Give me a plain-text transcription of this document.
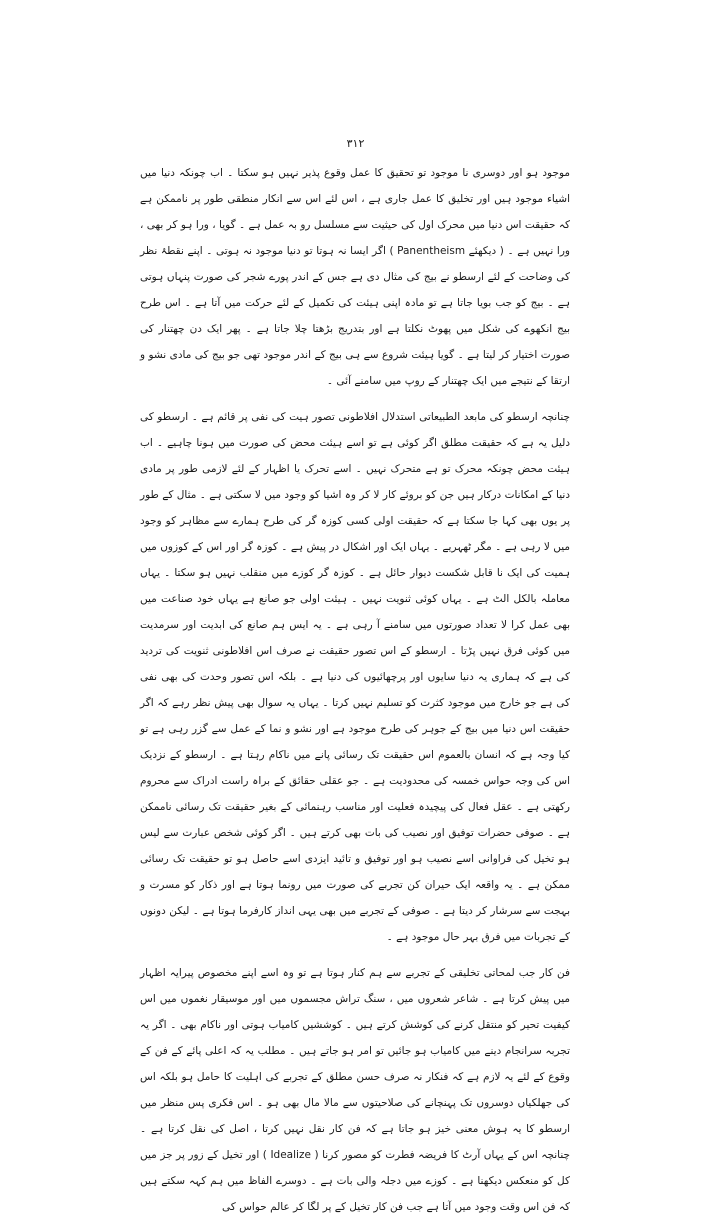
۳۱۲

موجود ہو اور دوسری نا موجود تو تحقیق کا عمل وقوع پذیر نہیں ہو سکتا ۔ اب چونکہ دنیا میں اشیاء موجود ہیں اور تخلیق کا عمل جاری ہے ، اس لئے اس سے انکار منطقی طور پر ناممکن ہے کہ حقیقت اس دنیا میں محرک اول کی حیثیت سے مسلسل رو بہ عمل ہے ۔ گویا ، ورا ہو کر بھی ، ورا نہیں ہے ۔ ( دیکھئے Panentheism ) اگر ایسا نہ ہوتا تو دنیا موجود نہ ہوتی ۔ اپنے نقطۂ نظر کی وضاحت کے لئے ارسطو نے بیج کی مثال دی ہے جس کے اندر پورے شجر کی صورت پنہاں ہوتی ہے ۔ بیج کو جب بویا جاتا ہے تو مادہ اپنی ہیئت کی تکمیل کے لئے حرکت میں آتا ہے ۔ اس طرح بیج انکھوے کی شکل میں پھوٹ نکلتا ہے اور بتدریج بڑھتا چلا جاتا ہے ۔ پھر ایک دن چھتنار کی صورت اختیار کر لیتا ہے ۔ گویا ہیئت شروع سے ہی بیج کے اندر موجود تھی جو بیج کی مادی نشو و ارتقا کے نتیجے میں ایک چھتنار کے روپ میں سامنے آئی ۔

چنانچہ ارسطو کی مابعد الطبیعاتی استدلال افلاطونی تصور ہیت کی نفی پر قائم ہے ۔ ارسطو کی دلیل یہ ہے کہ حقیقت مطلق اگر کوئی ہے تو اسے ہیئت محض کی صورت میں ہونا چاہیے ۔ اب ہیئت محض چونکہ محرک تو ہے متحرک نہیں ۔ اسے تحرک یا اظہار کے لئے لازمی طور پر مادی دنیا کے امکانات درکار ہیں جن کو بروئے کار لا کر وہ اشیا کو وجود میں لا سکتی ہے ۔ مثال کے طور پر یوں بھی کہا جا سکتا ہے کہ حقیقت اولی کسی کوزہ گر کی طرح ہمارے سے مظاہر کو وجود میں لا رہی ہے ۔ مگر ٹھہریے ۔ یہاں ایک اور اشکال در پیش ہے ۔ کوزہ گر اور اس کے کوزوں میں ہمیت کی ایک نا قابل شکست دیوار حائل ہے ۔ کوزہ گر کوزے میں منقلب نہیں ہو سکتا ۔ یہاں معاملہ بالکل الٹ ہے ۔ یہاں کوئی ثنویت نہیں ۔ ہیئت اولی جو صانع ہے یہاں خود صناعت میں بھی عمل کرا لا تعداد صورتوں میں سامنے آ رہی ہے ۔ یہ ایس ہم صانع کی ابدیت اور سرمدیت میں کوئی فرق نہیں پڑتا ۔ ارسطو کے اس تصور حقیقت نے صرف اس افلاطونی ثنویت کی تردید کی ہے کہ ہماری یہ دنیا سایوں اور پرچھائیوں کی دنیا ہے ۔ بلکہ اس تصور وحدت کی بھی نفی کی ہے جو خارج میں موجود کثرت کو تسلیم نہیں کرتا ۔ یہاں یہ سوال بھی پیش نظر رہے کہ اگر حقیقت اس دنیا میں بیج کے جوہر کی طرح موجود ہے اور نشو و نما کے عمل سے گزر رہی ہے تو کیا وجہ ہے کہ انسان بالعموم اس حقیقت تک رسائی پانے میں ناکام رہتا ہے ۔ ارسطو کے نزدیک اس کی وجہ حواس خمسہ کی محدودیت ہے ۔ جو عقلی حقائق کے براہ راست ادراک سے محروم رکھتی ہے ۔ عقل فعال کی پیچیدہ فعلیت اور مناسب رہنمائی کے بغیر حقیقت تک رسائی ناممکن ہے ۔ صوفی حضرات توفیق اور نصیب کی بات بھی کرتے ہیں ۔ اگر کوئی شخص عبارت سے لیس ہو تخیل کی فراوانی اسے نصیب ہو اور توفیق و تائید ایزدی اسے حاصل ہو تو حقیقت تک رسائی ممکن ہے ۔ یہ واقعہ ایک حیران کن تجربے کی صورت میں رونما ہوتا ہے اور ذکار کو مسرت و بہجت سے سرشار کر دیتا ہے ۔ صوفی کے تجربے میں بھی یہی انداز کارفرما ہوتا ہے ۔ لیکن دونوں کے تجربات میں فرق بہر حال موجود ہے ۔

فن کار جب لمحاتی تخلیقی کے تجربے سے ہم کنار ہوتا ہے تو وہ اسے اپنے مخصوص پیرایہ اظہار میں پیش کرتا ہے ۔ شاعر شعروں میں ، سنگ تراش مجسموں میں اور موسیقار نغموں میں اس کیفیت تحیر کو منتقل کرنے کی کوشش کرتے ہیں ۔ کوششیں کامیاب ہوتی اور ناکام بھی ۔ اگر یہ تجربہ سرانجام دینے میں کامیاب ہو جائیں تو امر ہو جاتے ہیں ۔ مطلب یہ کہ اعلی پائے کے فن کے وقوع کے لئے یہ لازم ہے کہ فنکار نہ صرف حسن مطلق کے تجربے کی اہلیت کا حامل ہو بلکہ اس کی جھلکیاں دوسروں تک پہنچانے کی صلاحیتوں سے مالا مال بھی ہو ۔ اس فکری پس منظر میں ارسطو کا یہ ہوش معنی خیز ہو جاتا ہے کہ فن کار نقل نہیں کرتا ، اصل کی نقل کرتا ہے ۔ چنانچہ اس کے یہاں آرٹ کا فریضہ فطرت کو مصور کرنا ( Idealize ) اور تخیل کے زور پر جز میں کل کو منعکس دیکھنا ہے ۔ کوزے میں دجلہ والی بات ہے ۔ دوسرے الفاظ میں ہم کہہ سکتے ہیں کہ فن اس وقت وجود میں آتا ہے جب فن کار تخیل کے پر لگا کر عالم حواس کی
